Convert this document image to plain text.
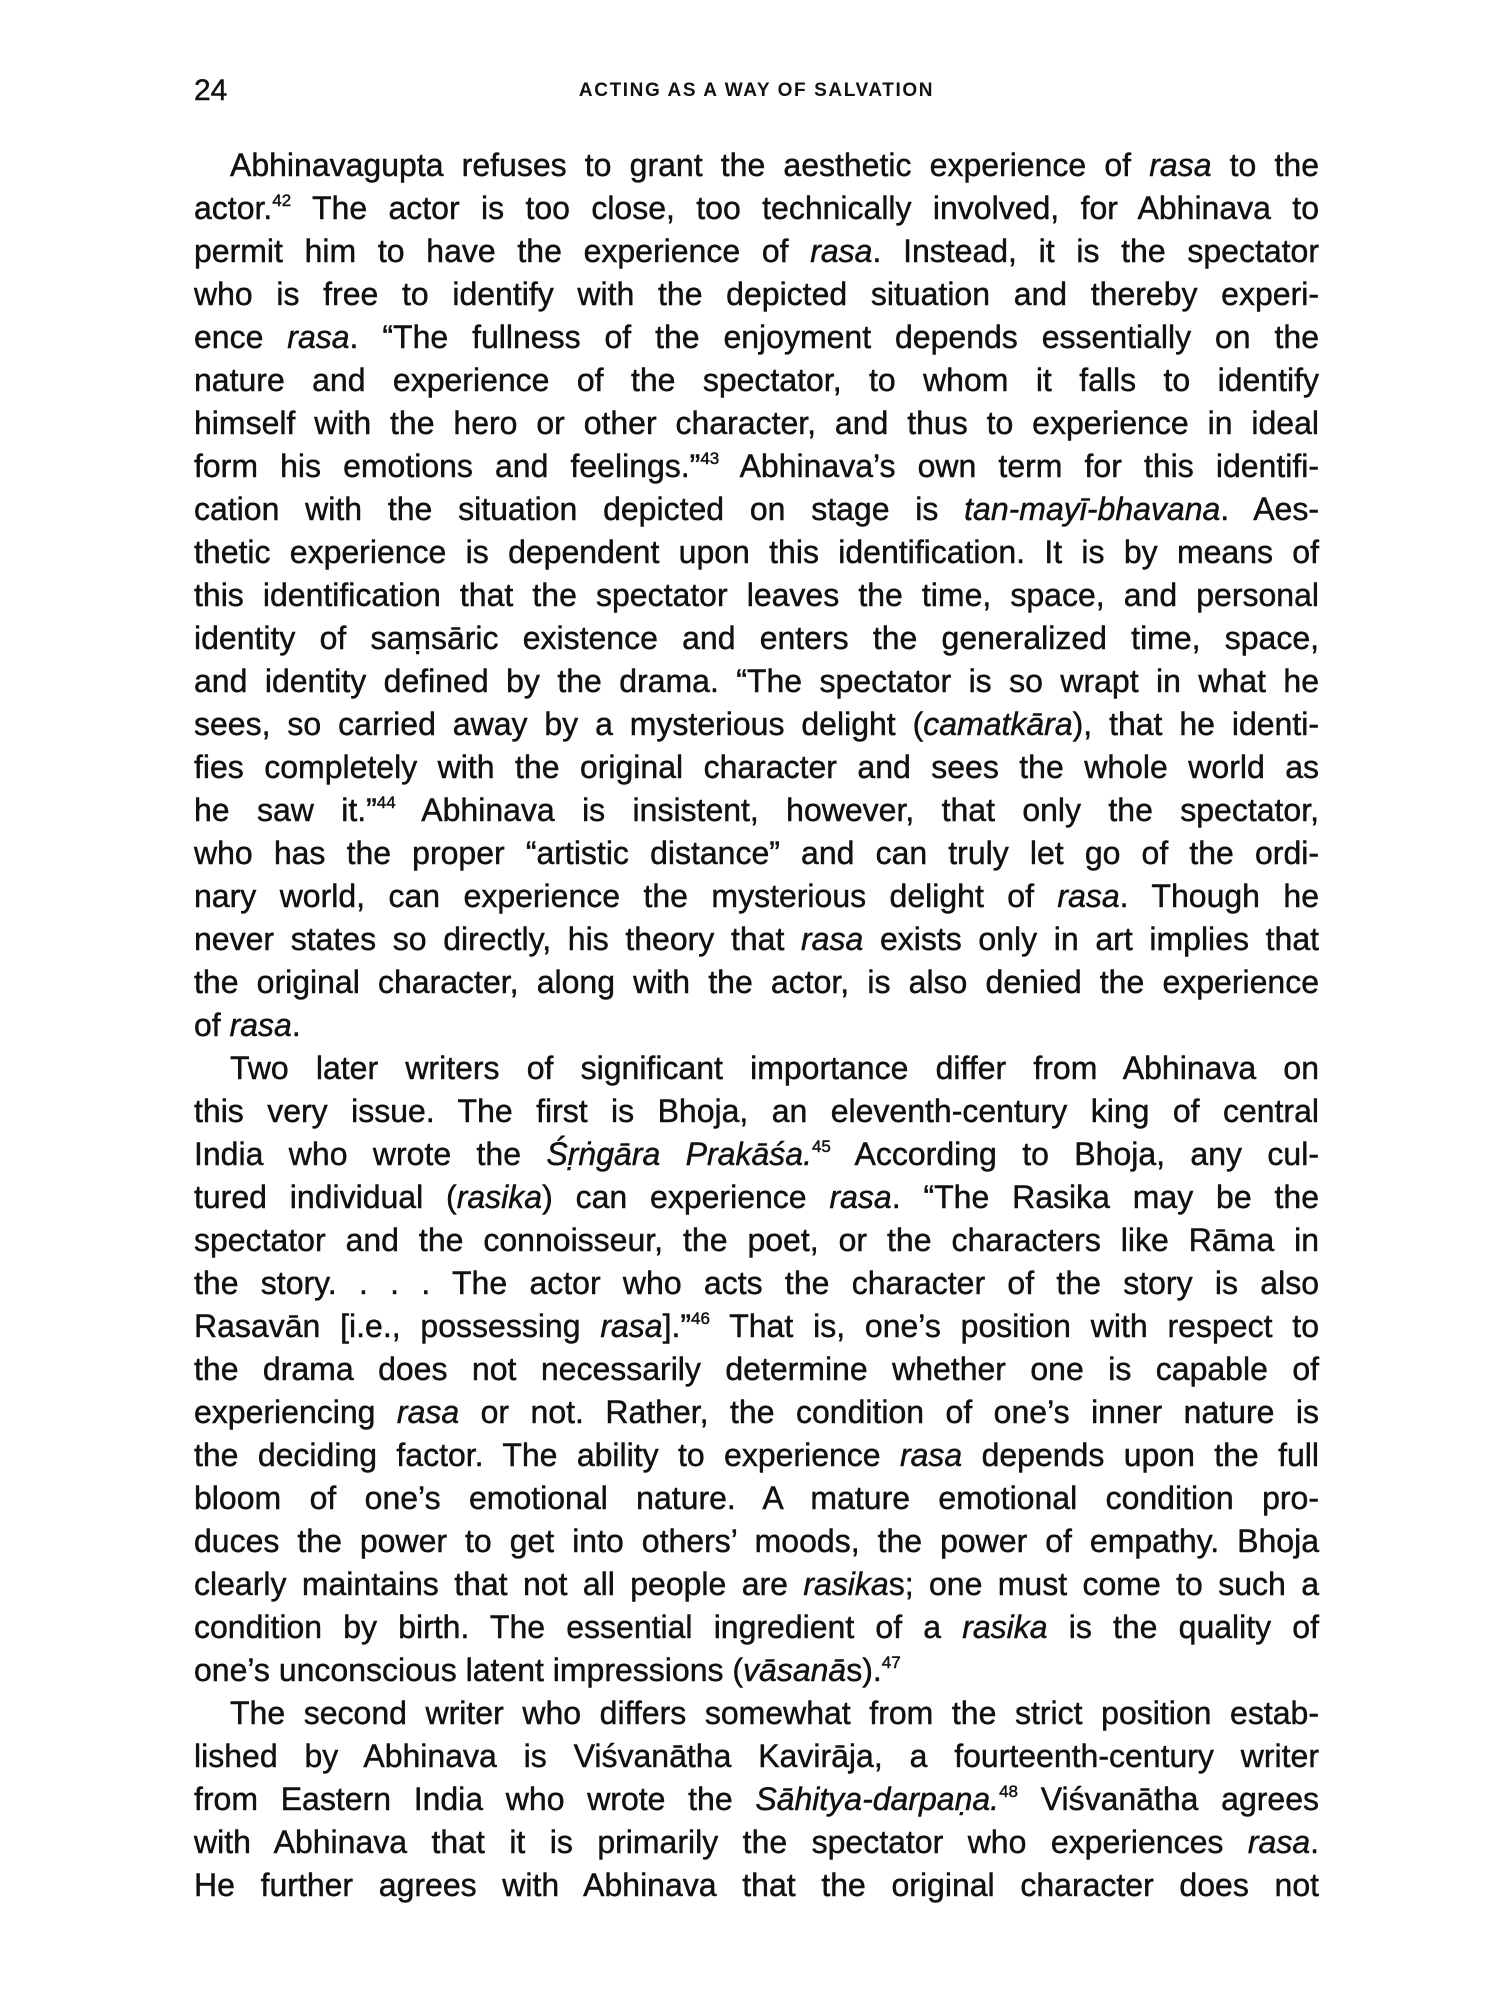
24	ACTING AS A WAY OF SALVATION
Abhinavagupta refuses to grant the aesthetic experience of rasa to the
actor.$^{42}$ The actor is too close, too technically involved, for Abhinava to
permit him to have the experience of rasa. Instead, it is the spectator
who is free to identify with the depicted situation and thereby experi-
ence rasa. “The fullness of the enjoyment depends essentially on the
nature and experience of the spectator, to whom it falls to identify
himself with the hero or other character, and thus to experience in ideal
form his emotions and feelings.”$^{43}$ Abhinava’s own term for this identifi-
cation with the situation depicted on stage is tan-mayī-bhavana. Aes-
thetic experience is dependent upon this identification. It is by means of
this identification that the spectator leaves the time, space, and personal
identity of saṃsāric existence and enters the generalized time, space,
and identity defined by the drama. “The spectator is so wrapt in what he
sees, so carried away by a mysterious delight (camatkāra), that he identi-
fies completely with the original character and sees the whole world as
he saw it.”$^{44}$ Abhinava is insistent, however, that only the spectator,
who has the proper “artistic distance” and can truly let go of the ordi-
nary world, can experience the mysterious delight of rasa. Though he
never states so directly, his theory that rasa exists only in art implies that
the original character, along with the actor, is also denied the experience
of rasa.
Two later writers of significant importance differ from Abhinava on
this very issue. The first is Bhoja, an eleventh-century king of central
India who wrote the Śṛṅgāra Prakāśa.$^{45}$ According to Bhoja, any cul-
tured individual (rasika) can experience rasa. “The Rasika may be the
spectator and the connoisseur, the poet, or the characters like Rāma in
the story. . . . The actor who acts the character of the story is also
Rasavān [i.e., possessing rasa].”$^{46}$ That is, one’s position with respect to
the drama does not necessarily determine whether one is capable of
experiencing rasa or not. Rather, the condition of one’s inner nature is
the deciding factor. The ability to experience rasa depends upon the full
bloom of one’s emotional nature. A mature emotional condition pro-
duces the power to get into others’ moods, the power of empathy. Bhoja
clearly maintains that not all people are rasikas; one must come to such a
condition by birth. The essential ingredient of a rasika is the quality of
one’s unconscious latent impressions (vāsanās).$^{47}$
The second writer who differs somewhat from the strict position estab-
lished by Abhinava is Viśvanātha Kavirāja, a fourteenth-century writer
from Eastern India who wrote the Sāhitya-darpaṇa.$^{48}$ Viśvanātha agrees
with Abhinava that it is primarily the spectator who experiences rasa.
He further agrees with Abhinava that the original character does not
